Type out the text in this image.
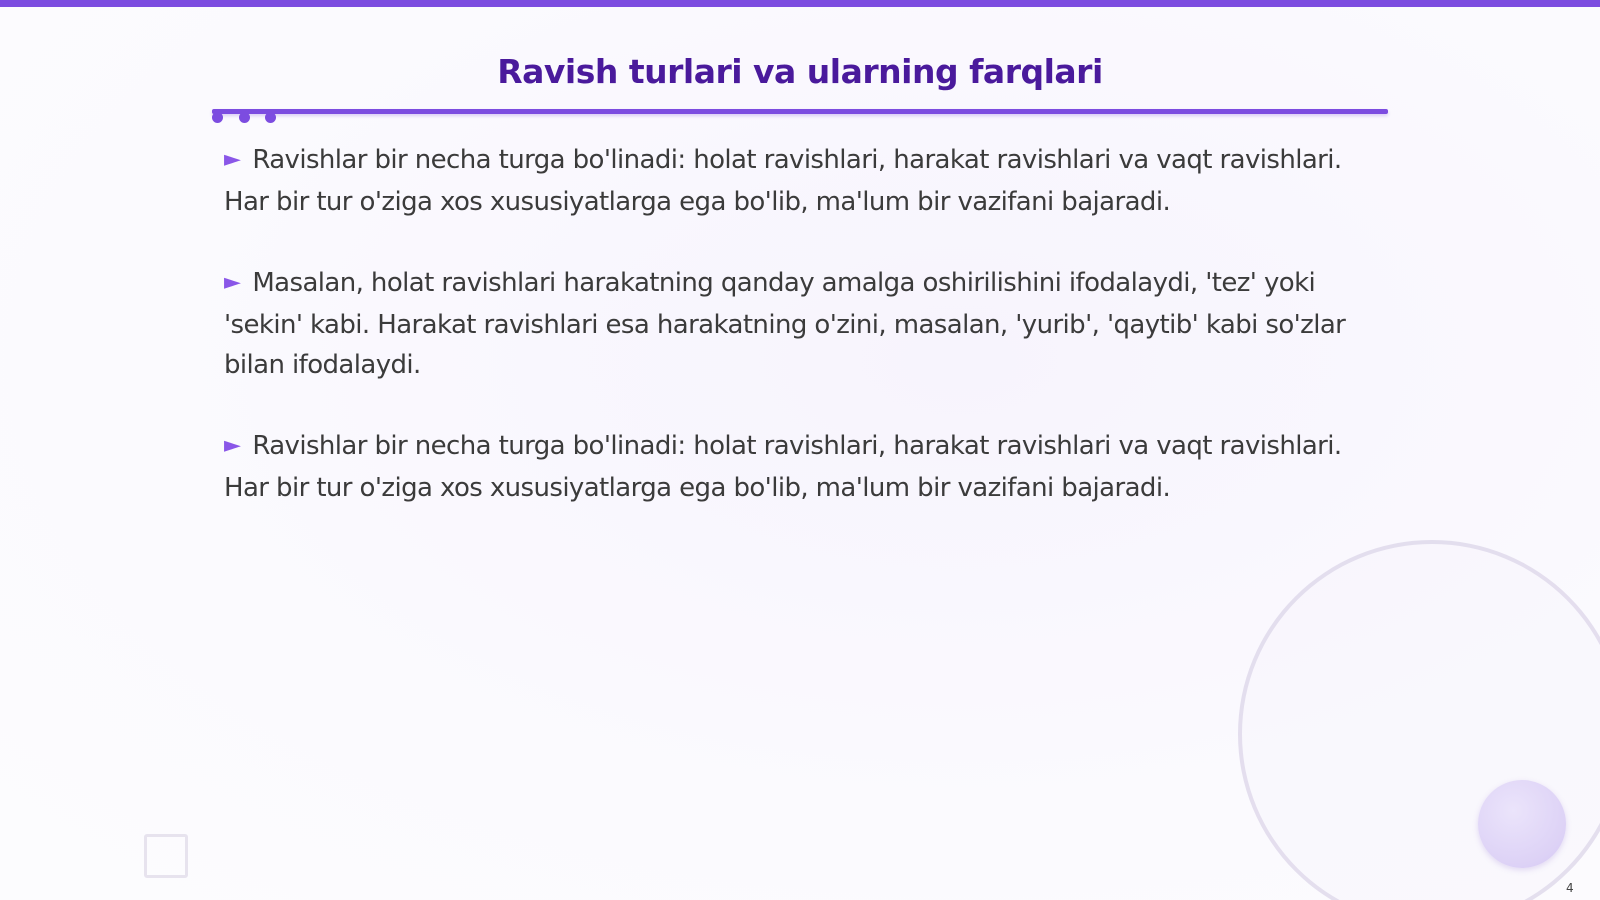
Ravish turlari va ularning farqlari

► Ravishlar bir necha turga bo'linadi: holat ravishlari, harakat ravishlari va vaqt ravishlari. Har bir tur o'ziga xos xususiyatlarga ega bo'lib, ma'lum bir vazifani bajaradi.

► Masalan, holat ravishlari harakatning qanday amalga oshirilishini ifodalaydi, 'tez' yoki 'sekin' kabi. Harakat ravishlari esa harakatning o'zini, masalan, 'yurib', 'qaytib' kabi so'zlar bilan ifodalaydi.

► Ravishlar bir necha turga bo'linadi: holat ravishlari, harakat ravishlari va vaqt ravishlari. Har bir tur o'ziga xos xususiyatlarga ega bo'lib, ma'lum bir vazifani bajaradi.

4
